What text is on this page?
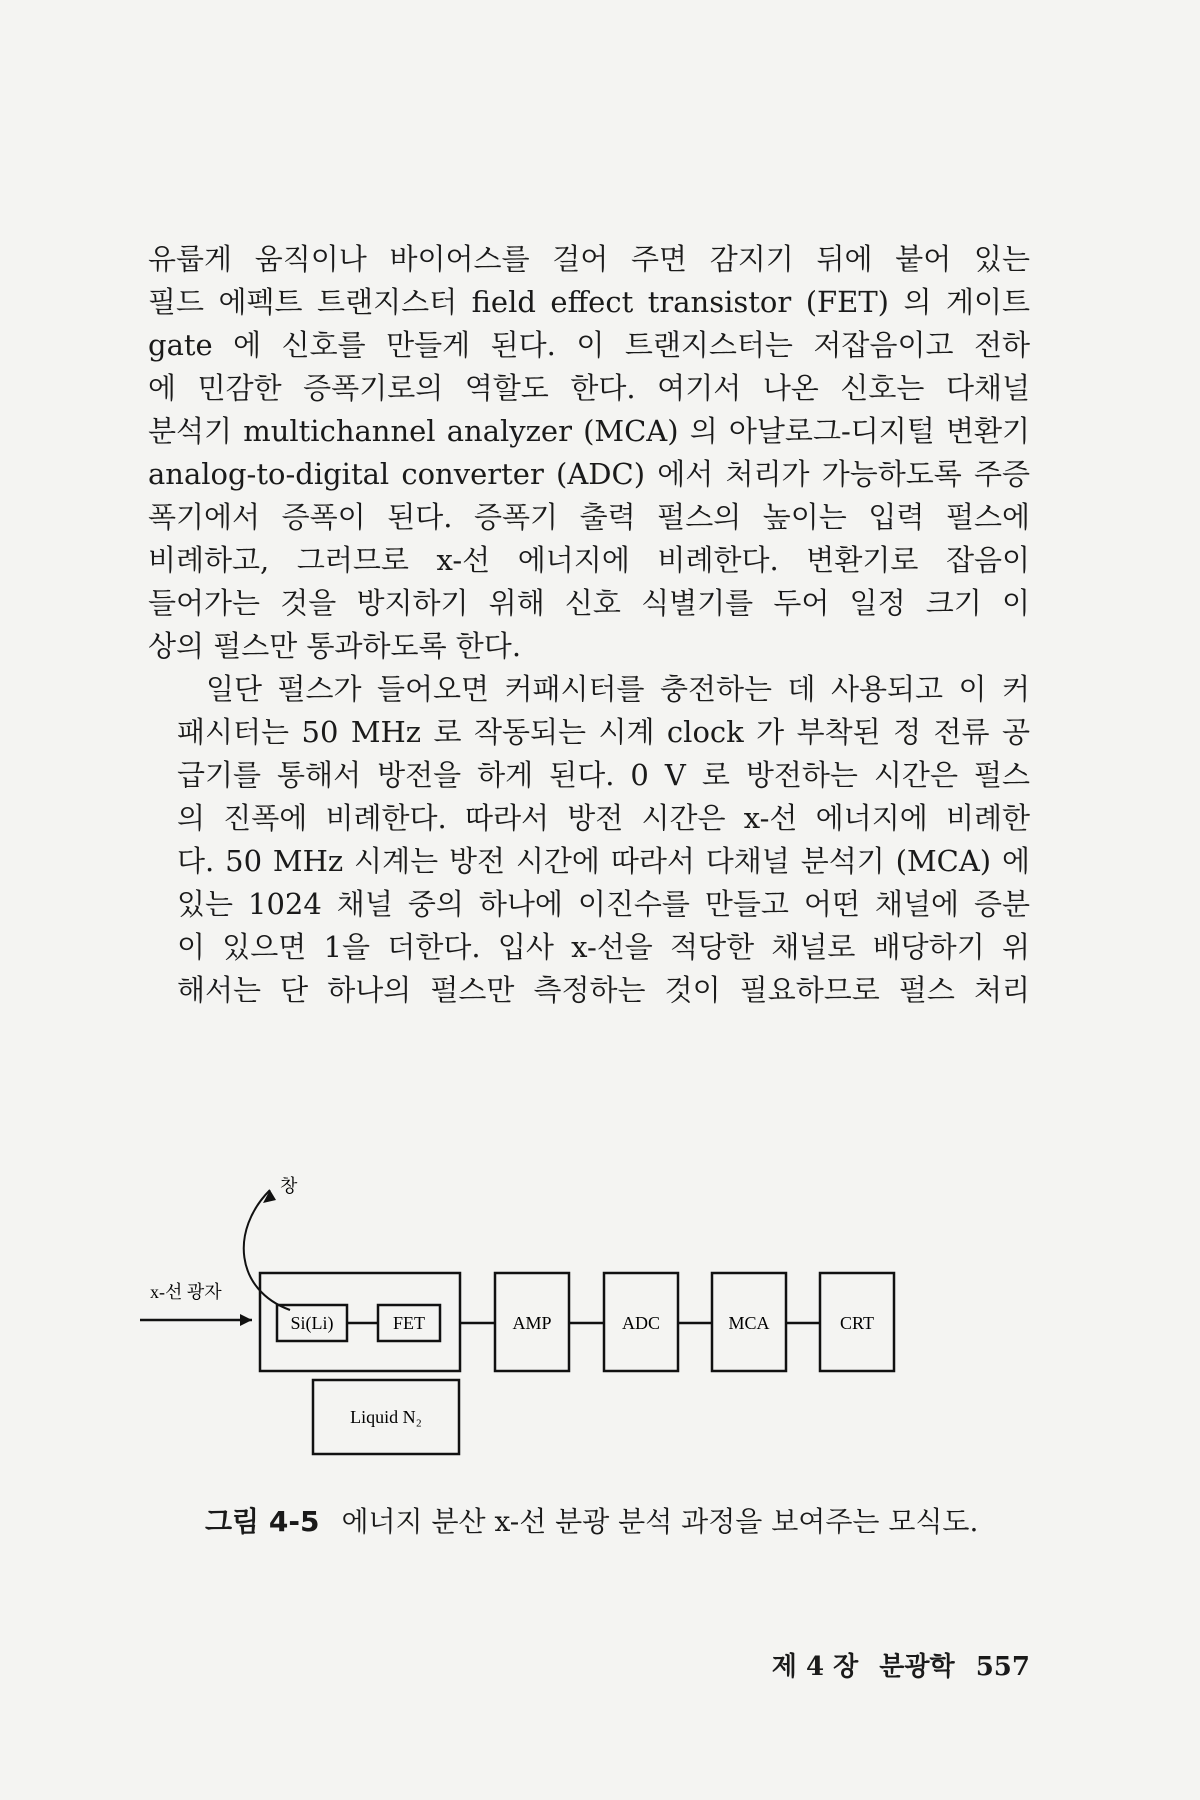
유룹게 움직이나 바이어스를 걸어 주면 감지기 뒤에 붙어 있는
필드 에펙트 트랜지스터 field effect transistor (FET) 의 게이트
gate 에 신호를 만들게 된다. 이 트랜지스터는 저잡음이고 전하
에 민감한 증폭기로의 역할도 한다. 여기서 나온 신호는 다채널
분석기 multichannel analyzer (MCA) 의 아날로그-디지털 변환기
analog-to-digital converter (ADC) 에서 처리가 가능하도록 주증
폭기에서 증폭이 된다. 증폭기 출력 펄스의 높이는 입력 펄스에
비례하고, 그러므로 x-선 에너지에 비례한다. 변환기로 잡음이
들어가는 것을 방지하기 위해 신호 식별기를 두어 일정 크기 이
상의 펄스만 통과하도록 한다.

일단 펄스가 들어오면 커패시터를 충전하는 데 사용되고 이 커
패시터는 50 MHz 로 작동되는 시계 clock 가 부착된 정 전류 공
급기를 통해서 방전을 하게 된다. 0 V 로 방전하는 시간은 펄스
의 진폭에 비례한다. 따라서 방전 시간은 x-선 에너지에 비례한
다. 50 MHz 시계는 방전 시간에 따라서 다채널 분석기 (MCA) 에
있는 1024 채널 중의 하나에 이진수를 만들고 어떤 채널에 증분
이 있으면 1을 더한다. 입사 x-선을 적당한 채널로 배당하기 위
해서는 단 하나의 펄스만 측정하는 것이 필요하므로 펄스 처리

창
x-선 광자
Si(Li)	FET	AMP	ADC	MCA	CRT
Liquid N₂
그림 4-5 에너지 분산 x-선 분광 분석 과정을 보여주는 모식도.
제 4 장 분광학 557
